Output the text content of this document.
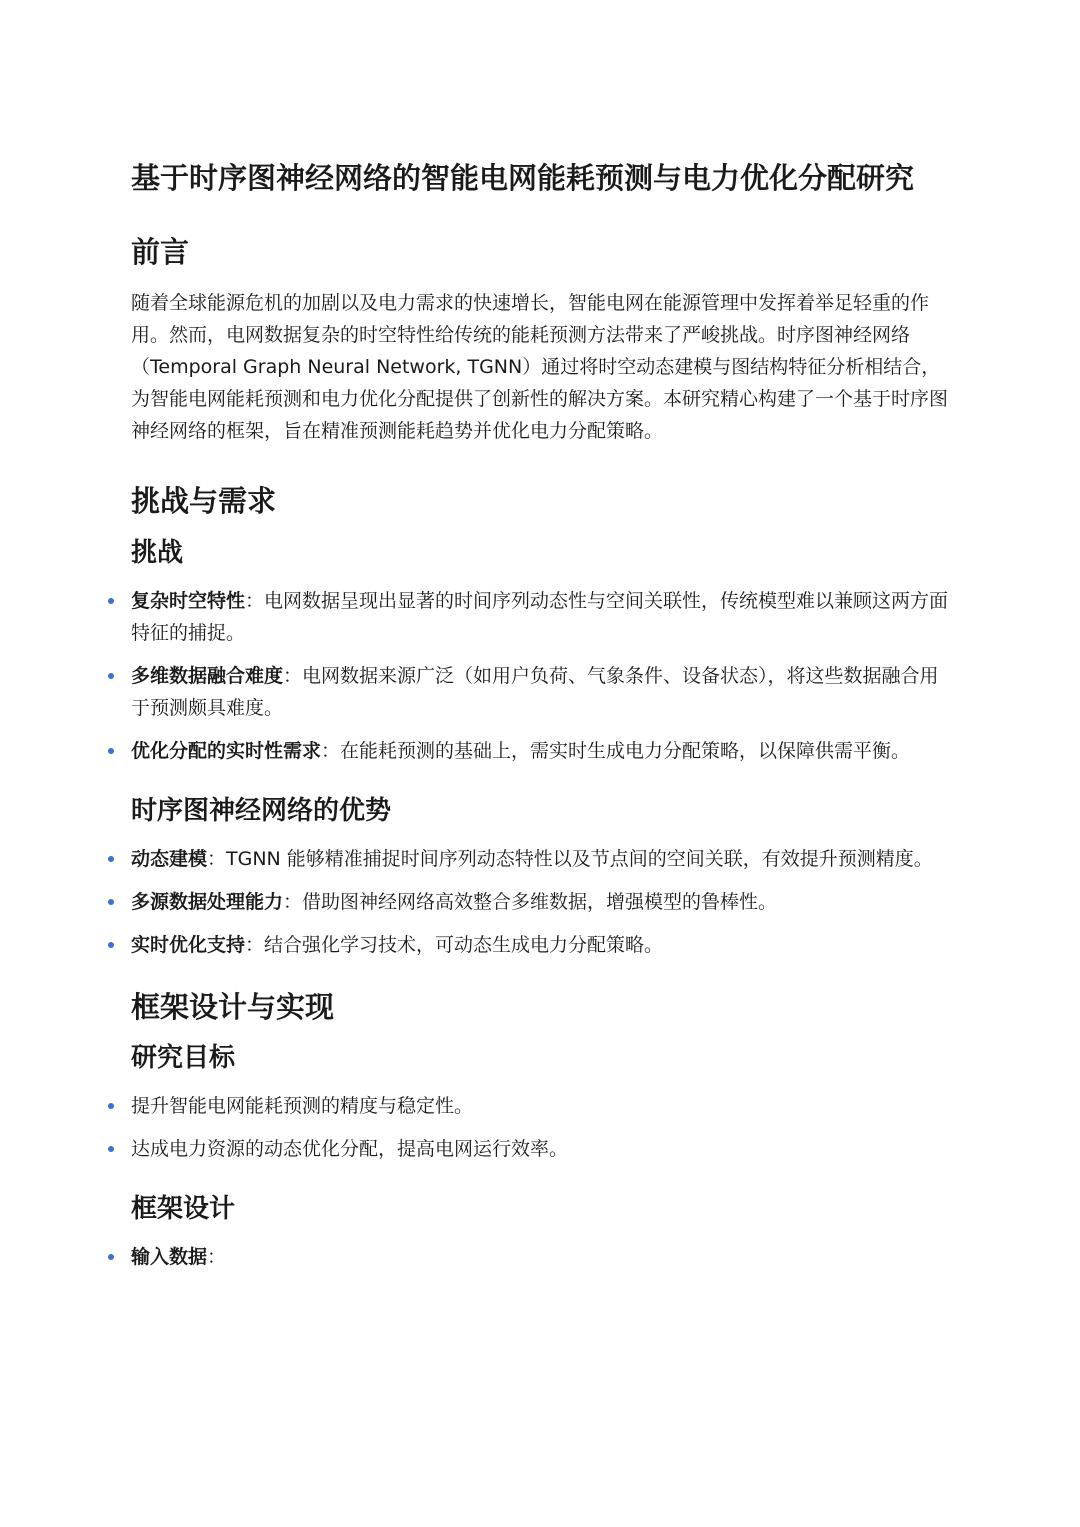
基于时序图神经网络的智能电网能耗预测与电力优化分配研究
前言

随着全球能源危机的加剧以及电力需求的快速增长，智能电网在能源管理中发挥着举足轻重的作用。然而，电网数据复杂的时空特性给传统的能耗预测方法带来了严峻挑战。时序图神经网络（Temporal Graph Neural Network, TGNN）通过将时空动态建模与图结构特征分析相结合，为智能电网能耗预测和电力优化分配提供了创新性的解决方案。本研究精心构建了一个基于时序图神经网络的框架，旨在精准预测能耗趋势并优化电力分配策略。

挑战与需求
挑战
复杂时空特性：电网数据呈现出显著的时间序列动态性与空间关联性，传统模型难以兼顾这两方面特征的捕捉。
多维数据融合难度：电网数据来源广泛（如用户负荷、气象条件、设备状态），将这些数据融合用于预测颇具难度。
优化分配的实时性需求：在能耗预测的基础上，需实时生成电力分配策略，以保障供需平衡。
时序图神经网络的优势
动态建模：TGNN 能够精准捕捉时间序列动态特性以及节点间的空间关联，有效提升预测精度。
多源数据处理能力：借助图神经网络高效整合多维数据，增强模型的鲁棒性。
实时优化支持：结合强化学习技术，可动态生成电力分配策略。
框架设计与实现
研究目标
提升智能电网能耗预测的精度与稳定性。
达成电力资源的动态优化分配，提高电网运行效率。
框架设计
输入数据：
